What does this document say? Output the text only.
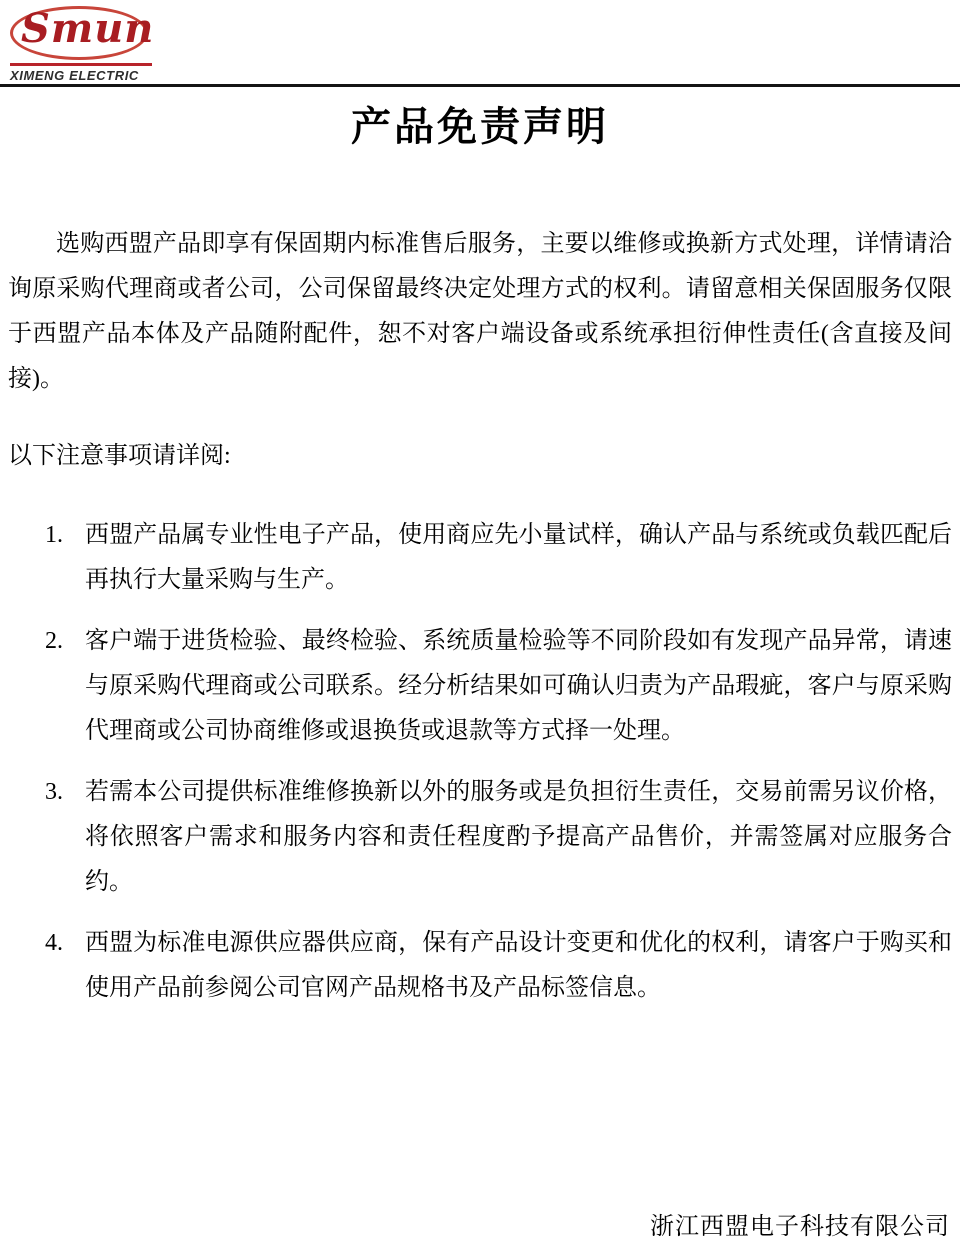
Smun
XIMENG ELECTRIC
产品免责声明

选购西盟产品即享有保固期内标准售后服务，主要以维修或换新方式处理，详情请洽询原采购代理商或者公司，公司保留最终决定处理方式的权利。请留意相关保固服务仅限于西盟产品本体及产品随附配件，恕不对客户端设备或系统承担衍伸性责任(含直接及间接)。

以下注意事项请详阅:

1. 西盟产品属专业性电子产品，使用商应先小量试样，确认产品与系统或负载匹配后再执行大量采购与生产。
2. 客户端于进货检验、最终检验、系统质量检验等不同阶段如有发现产品异常，请速与原采购代理商或公司联系。经分析结果如可确认归责为产品瑕疵，客户与原采购代理商或公司协商维修或退换货或退款等方式择一处理。
3. 若需本公司提供标准维修换新以外的服务或是负担衍生责任，交易前需另议价格，将依照客户需求和服务内容和责任程度酌予提高产品售价，并需签属对应服务合约。
4. 西盟为标准电源供应器供应商，保有产品设计变更和优化的权利，请客户于购买和使用产品前参阅公司官网产品规格书及产品标签信息。
浙江西盟电子科技有限公司
